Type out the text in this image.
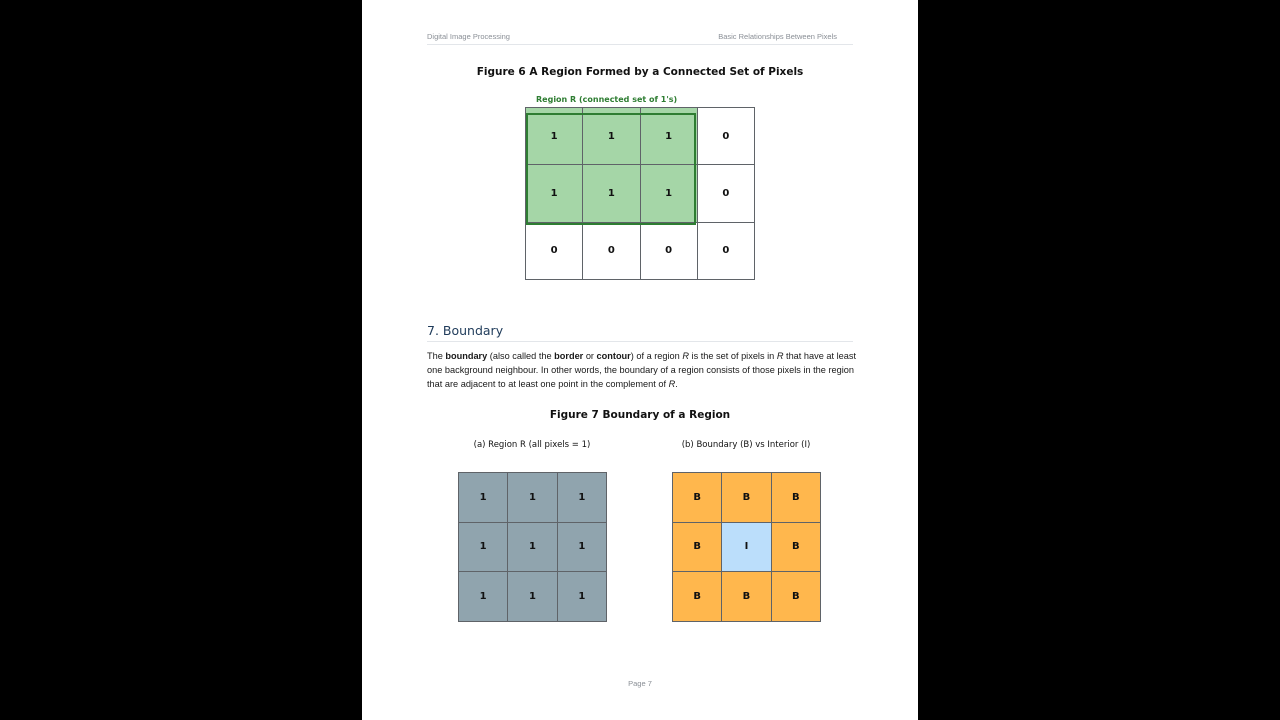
Digital Image Processing	Basic Relationships Between Pixels
Figure 6 A Region Formed by a Connected Set of Pixels
Region R (connected set of 1's)
1	1	1	0
1	1	1	0
0	0	0	0
7. Boundary
The boundary (also called the border or contour) of a region R is the set of pixels in R that have at least one background neighbour. In other words, the boundary of a region consists of those pixels in the region that are adjacent to at least one point in the complement of R.
Figure 7 Boundary of a Region
(a) Region R (all pixels = 1)	(b) Boundary (B) vs Interior (I)
1	1	1
1	1	1
1	1	1
B	B	B
B	I	B
B	B	B
Page 7
